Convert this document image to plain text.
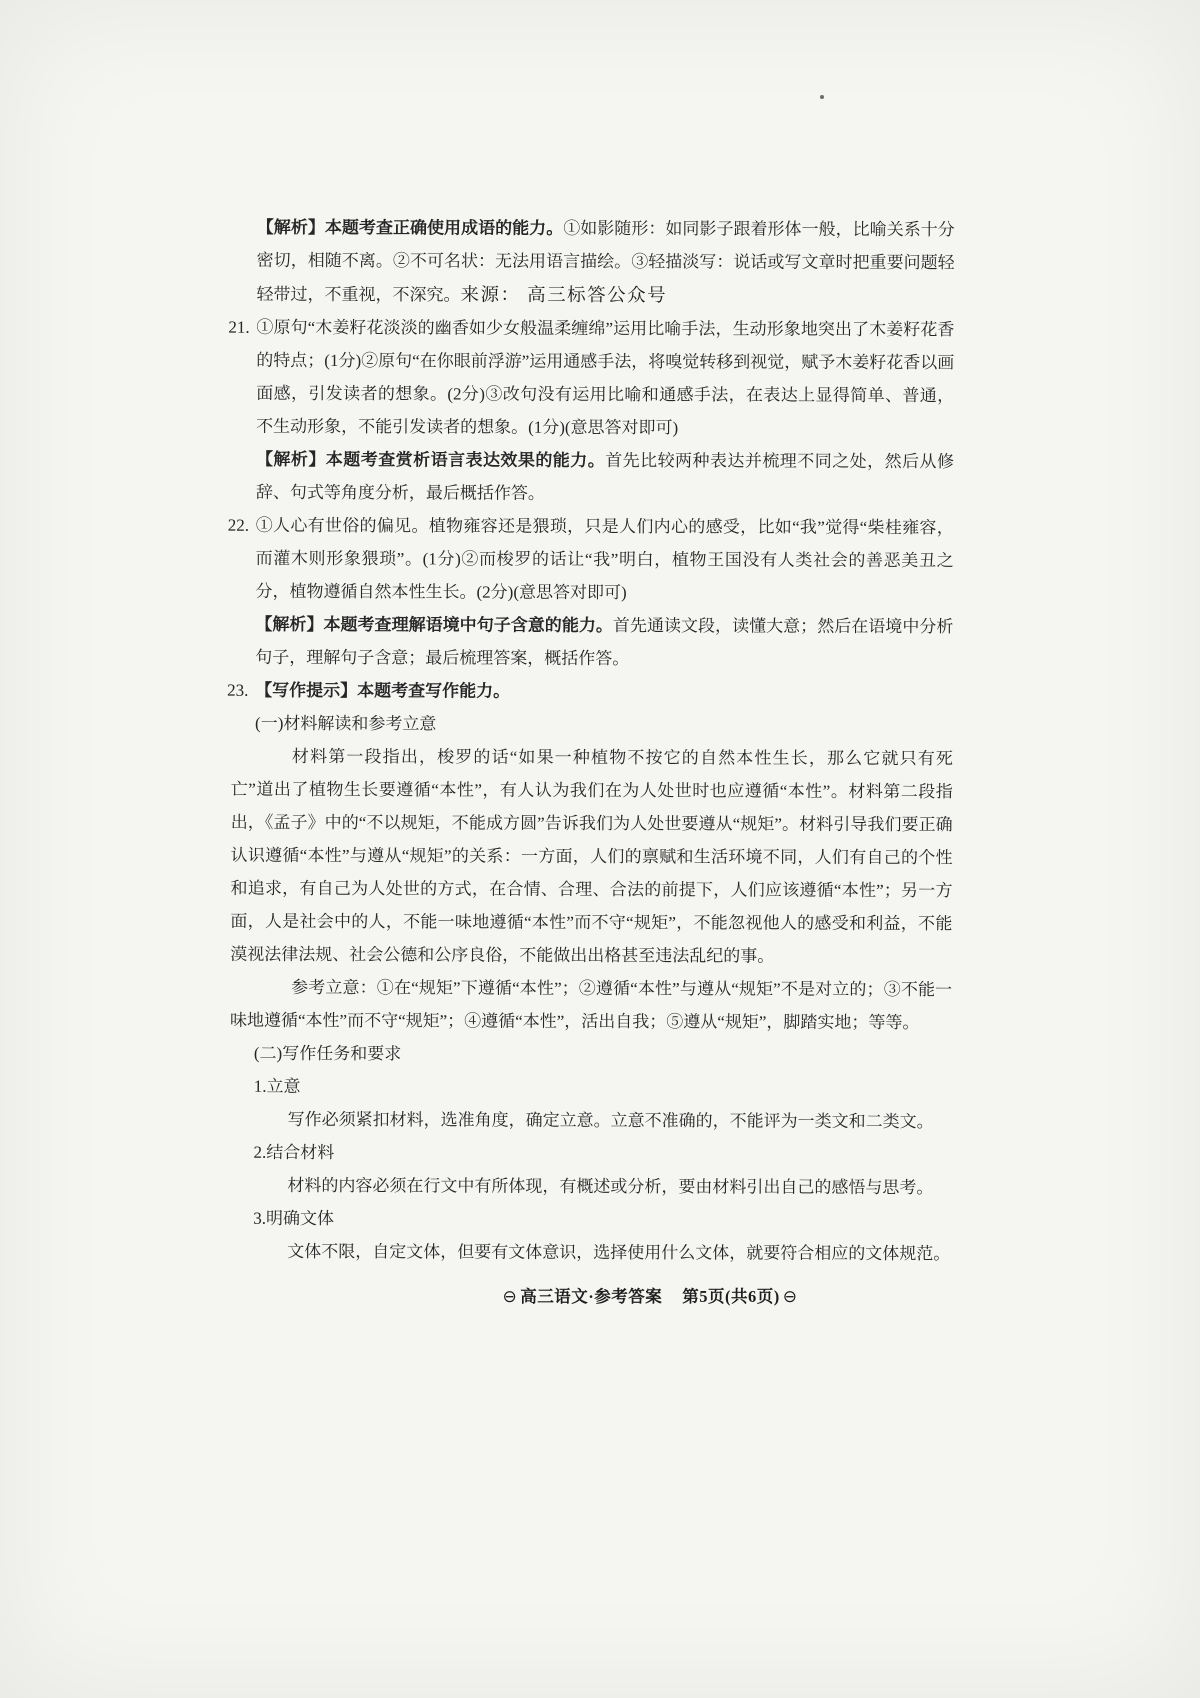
【解析】本题考查正确使用成语的能力。①如影随形：如同影子跟着形体一般，比喻关系十分密切，相随不离。②不可名状：无法用语言描绘。③轻描淡写：说话或写文章时把重要问题轻轻带过，不重视，不深究。来源： 高三标答公众号
21. ①原句“木姜籽花淡淡的幽香如少女般温柔缠绵”运用比喻手法，生动形象地突出了木姜籽花香的特点；(1分)②原句“在你眼前浮游”运用通感手法，将嗅觉转移到视觉，赋予木姜籽花香以画面感，引发读者的想象。(2分)③改句没有运用比喻和通感手法，在表达上显得简单、普通，不生动形象，不能引发读者的想象。(1分)(意思答对即可)
【解析】本题考查赏析语言表达效果的能力。首先比较两种表达并梳理不同之处，然后从修辞、句式等角度分析，最后概括作答。
22. ①人心有世俗的偏见。植物雍容还是猥琐，只是人们内心的感受，比如“我”觉得“柴桂雍容，而灌木则形象猥琐”。(1分)②而梭罗的话让“我”明白，植物王国没有人类社会的善恶美丑之分，植物遵循自然本性生长。(2分)(意思答对即可)
【解析】本题考查理解语境中句子含意的能力。首先通读文段，读懂大意；然后在语境中分析句子，理解句子含意；最后梳理答案，概括作答。
23. 【写作提示】本题考查写作能力。
(一)材料解读和参考立意
材料第一段指出，梭罗的话“如果一种植物不按它的自然本性生长，那么它就只有死亡”道出了植物生长要遵循“本性”，有人认为我们在为人处世时也应遵循“本性”。材料第二段指出，《孟子》中的“不以规矩，不能成方圆”告诉我们为人处世要遵从“规矩”。材料引导我们要正确认识遵循“本性”与遵从“规矩”的关系：一方面，人们的禀赋和生活环境不同，人们有自己的个性和追求，有自己为人处世的方式，在合情、合理、合法的前提下，人们应该遵循“本性”；另一方面，人是社会中的人，不能一味地遵循“本性”而不守“规矩”，不能忽视他人的感受和利益，不能漠视法律法规、社会公德和公序良俗，不能做出出格甚至违法乱纪的事。
参考立意：①在“规矩”下遵循“本性”；②遵循“本性”与遵从“规矩”不是对立的；③不能一味地遵循“本性”而不守“规矩”；④遵循“本性”，活出自我；⑤遵从“规矩”，脚踏实地；等等。
(二)写作任务和要求
1.立意
写作必须紧扣材料，选准角度，确定立意。立意不准确的，不能评为一类文和二类文。
2.结合材料
材料的内容必须在行文中有所体现，有概述或分析，要由材料引出自己的感悟与思考。
3.明确文体
文体不限，自定文体，但要有文体意识，选择使用什么文体，就要符合相应的文体规范。
⊖ 高三语文·参考答案 第5页(共6页) ⊖
